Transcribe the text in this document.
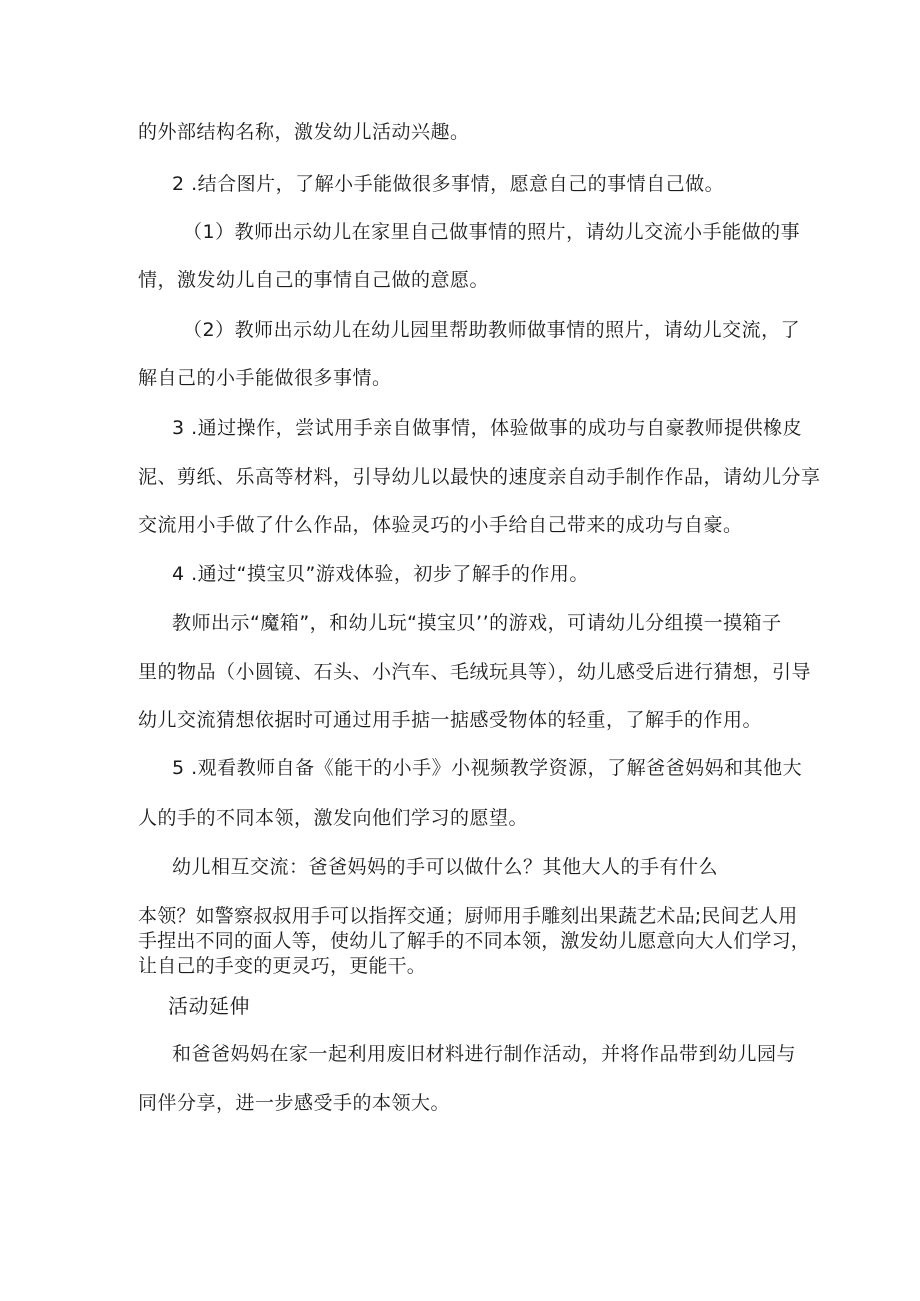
的外部结构名称，激发幼儿活动兴趣。
2 .结合图片，了解小手能做很多事情，愿意自己的事情自己做。
（1）教师出示幼儿在家里自己做事情的照片，请幼儿交流小手能做的事
情，激发幼儿自己的事情自己做的意愿。
（2）教师出示幼儿在幼儿园里帮助教师做事情的照片，请幼儿交流，了
解自己的小手能做很多事情。
3 .通过操作，尝试用手亲自做事情，体验做事的成功与自豪教师提供橡皮
泥、剪纸、乐高等材料，引导幼儿以最快的速度亲自动手制作作品，请幼儿分享
交流用小手做了什么作品，体验灵巧的小手给自己带来的成功与自豪。
4 .通过“摸宝贝”游戏体验，初步了解手的作用。
教师出示“魔箱”，和幼儿玩“摸宝贝’’的游戏，可请幼儿分组摸一摸箱子
里的物品（小圆镜、石头、小汽车、毛绒玩具等），幼儿感受后进行猜想，引导
幼儿交流猜想依据时可通过用手掂一掂感受物体的轻重，了解手的作用。
5 .观看教师自备《能干的小手》小视频教学资源，了解爸爸妈妈和其他大
人的手的不同本领，激发向他们学习的愿望。
幼儿相互交流：爸爸妈妈的手可以做什么？其他大人的手有什么
本领？如警察叔叔用手可以指挥交通；厨师用手雕刻出果蔬艺术品;民间艺人用
手捏出不同的面人等，使幼儿了解手的不同本领，激发幼儿愿意向大人们学习，
让自己的手变的更灵巧，更能干。
活动延伸
和爸爸妈妈在家一起利用废旧材料进行制作活动，并将作品带到幼儿园与
同伴分享，进一步感受手的本领大。
